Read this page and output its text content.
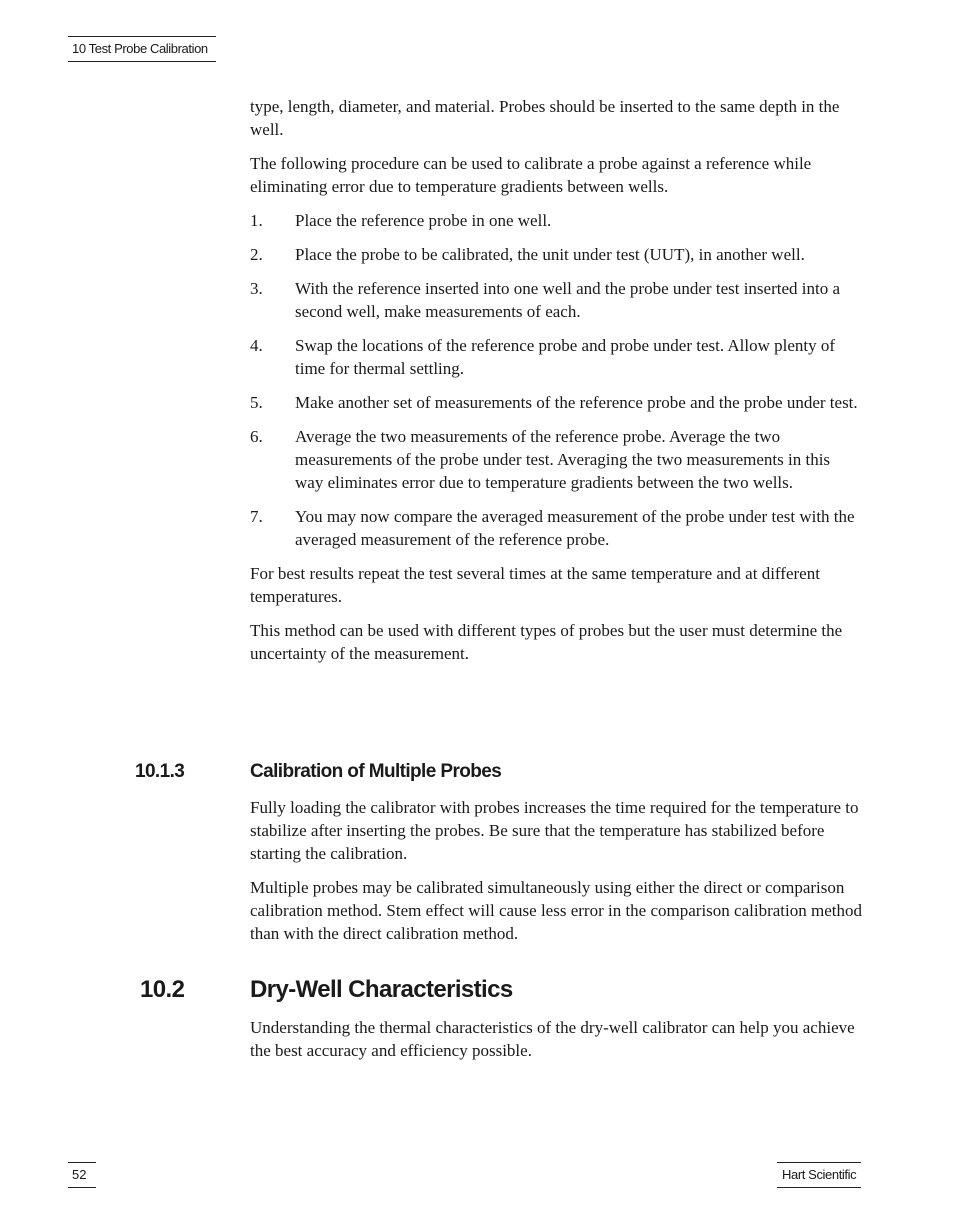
10 Test Probe Calibration

type, length, diameter, and material. Probes should be inserted to the same depth in the well.

The following procedure can be used to calibrate a probe against a reference while eliminating error due to temperature gradients between wells.

1. Place the reference probe in one well.
2. Place the probe to be calibrated, the unit under test (UUT), in another well.
3. With the reference inserted into one well and the probe under test inserted into a second well, make measurements of each.
4. Swap the locations of the reference probe and probe under test. Allow plenty of time for thermal settling.
5. Make another set of measurements of the reference probe and the probe under test.
6. Average the two measurements of the reference probe. Average the two measurements of the probe under test. Averaging the two measurements in this way eliminates error due to temperature gradients between the two wells.
7. You may now compare the averaged measurement of the probe under test with the averaged measurement of the reference probe.

For best results repeat the test several times at the same temperature and at different temperatures.

This method can be used with different types of probes but the user must determine the uncertainty of the measurement.

10.1.3	Calibration of Multiple Probes

Fully loading the calibrator with probes increases the time required for the temperature to stabilize after inserting the probes. Be sure that the temperature has stabilized before starting the calibration.

Multiple probes may be calibrated simultaneously using either the direct or comparison calibration method. Stem effect will cause less error in the comparison calibration method than with the direct calibration method.

10.2	Dry-Well Characteristics

Understanding the thermal characteristics of the dry-well calibrator can help you achieve the best accuracy and efficiency possible.

52	Hart Scientific
